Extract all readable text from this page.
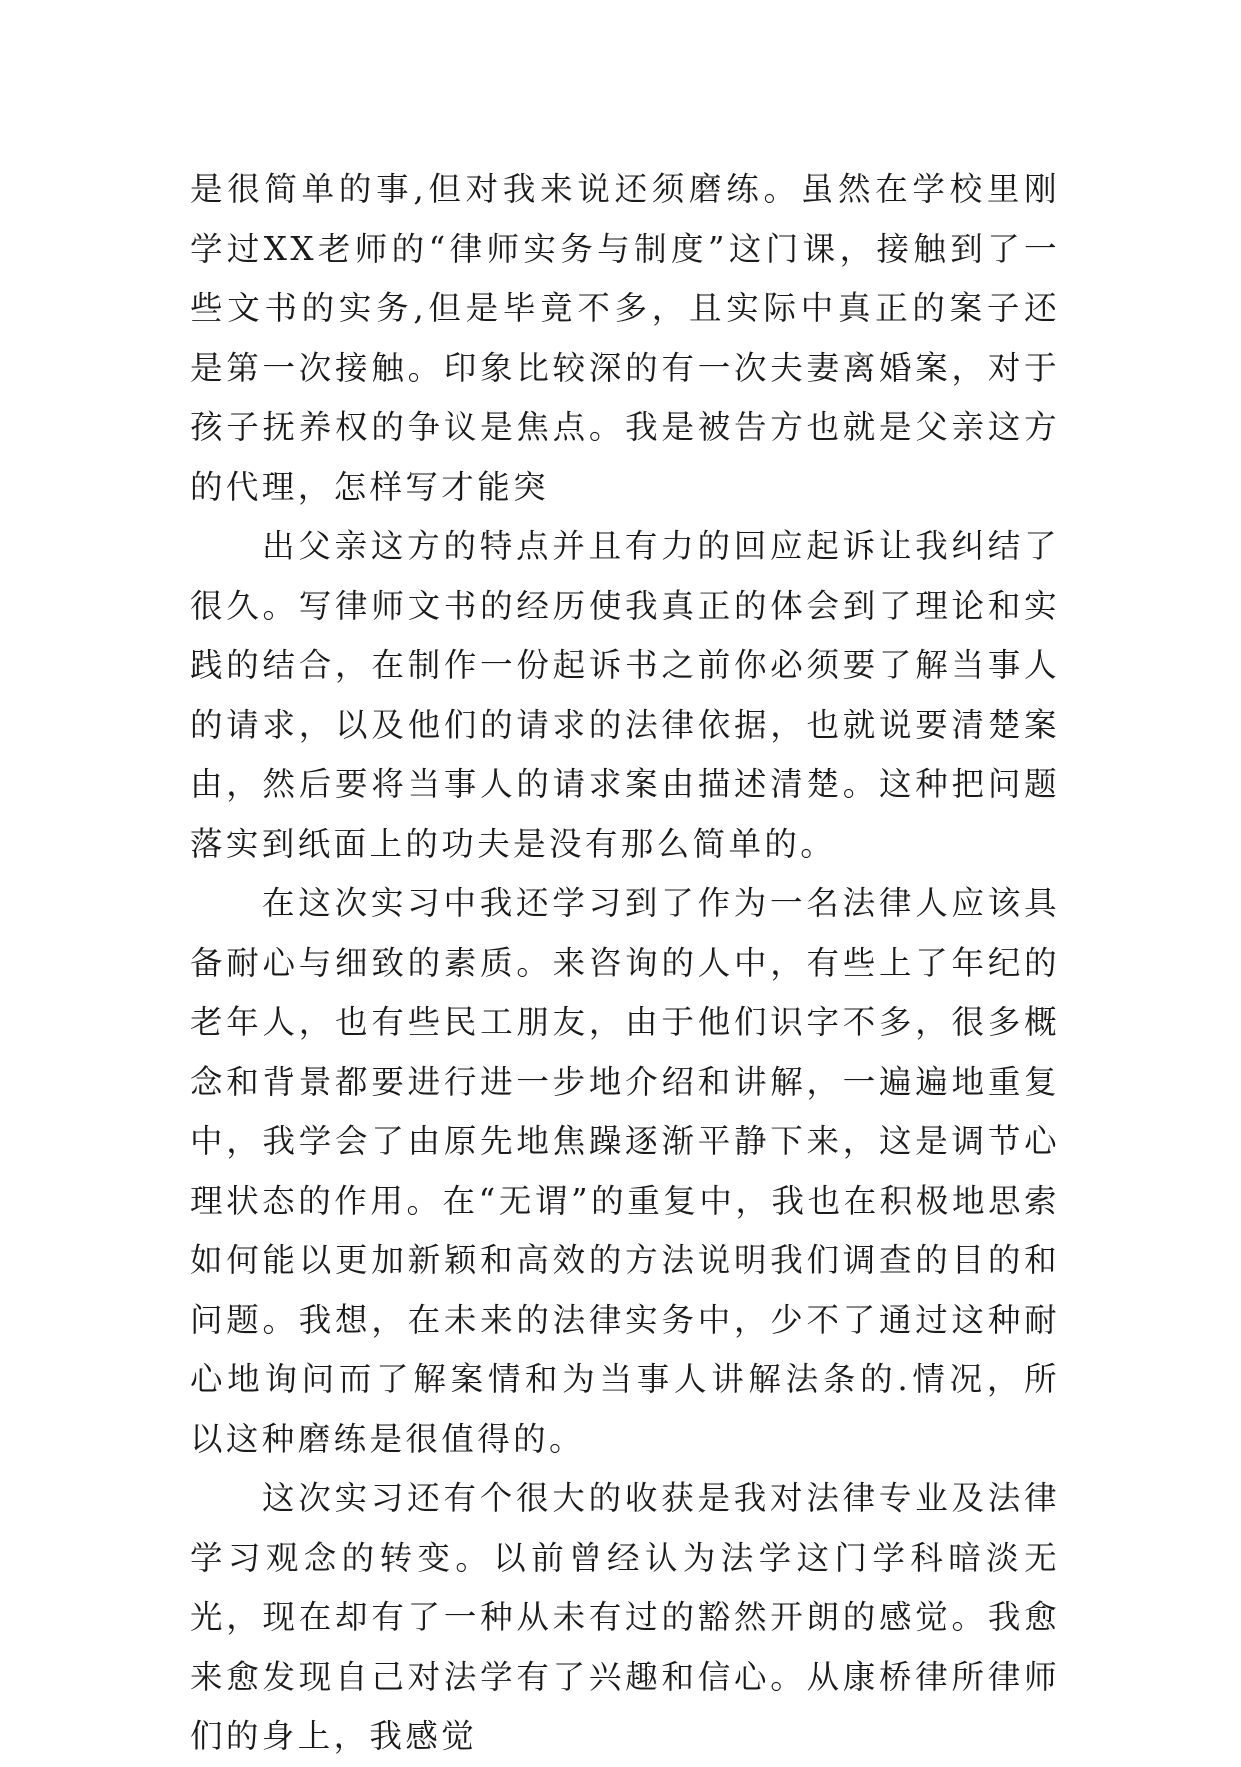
是很简单的事,但对我来说还须磨练。虽然在学校里刚学过XX老师的“律师实务与制度”这门课，接触到了一些文书的实务,但是毕竟不多，且实际中真正的案子还是第一次接触。印象比较深的有一次夫妻离婚案，对于孩子抚养权的争议是焦点。我是被告方也就是父亲这方的代理，怎样写才能突

出父亲这方的特点并且有力的回应起诉让我纠结了很久。写律师文书的经历使我真正的体会到了理论和实践的结合，在制作一份起诉书之前你必须要了解当事人的请求，以及他们的请求的法律依据，也就说要清楚案由，然后要将当事人的请求案由描述清楚。这种把问题落实到纸面上的功夫是没有那么简单的。

在这次实习中我还学习到了作为一名法律人应该具备耐心与细致的素质。来咨询的人中，有些上了年纪的老年人，也有些民工朋友，由于他们识字不多，很多概念和背景都要进行进一步地介绍和讲解，一遍遍地重复中，我学会了由原先地焦躁逐渐平静下来，这是调节心理状态的作用。在“无谓”的重复中，我也在积极地思索如何能以更加新颖和高效的方法说明我们调查的目的和问题。我想，在未来的法律实务中，少不了通过这种耐心地询问而了解案情和为当事人讲解法条的.情况，所以这种磨练是很值得的。

这次实习还有个很大的收获是我对法律专业及法律学习观念的转变。以前曾经认为法学这门学科暗淡无光，现在却有了一种从未有过的豁然开朗的感觉。我愈来愈发现自己对法学有了兴趣和信心。从康桥律所律师们的身上，我感觉
